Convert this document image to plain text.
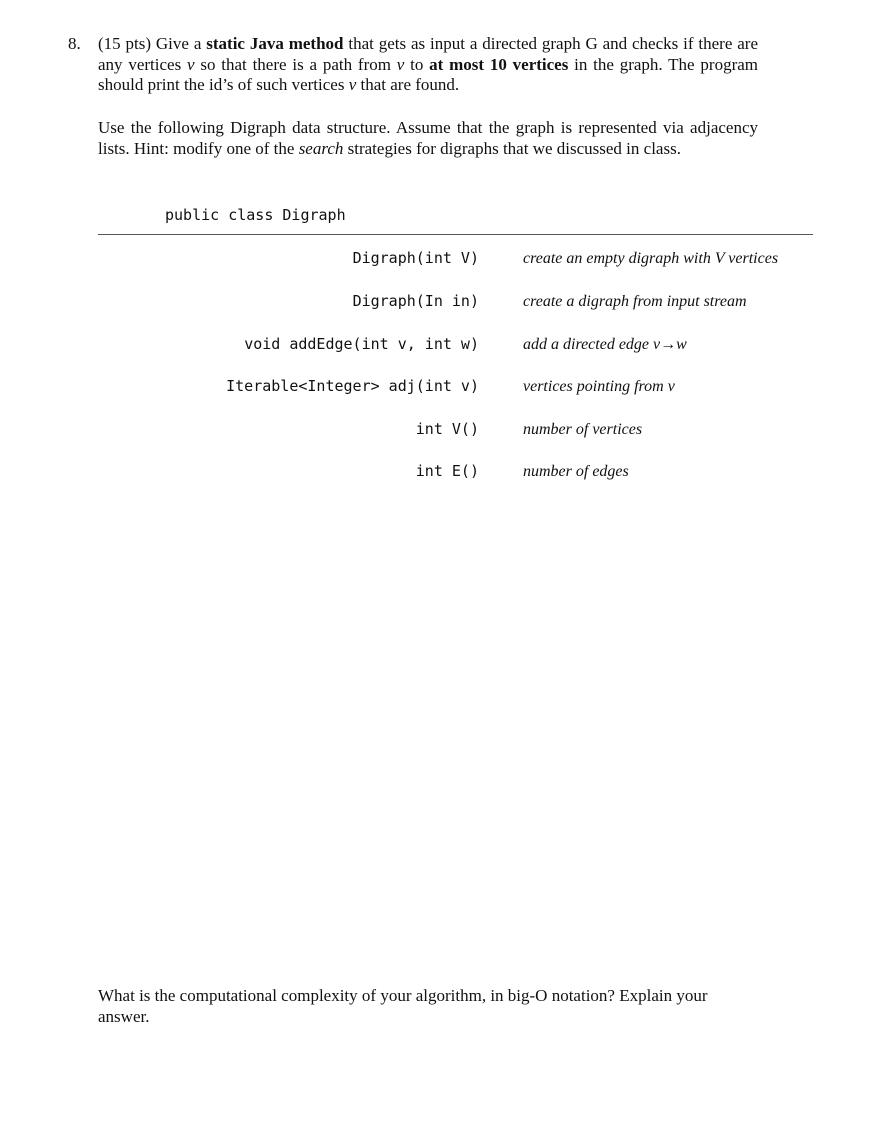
8. (15 pts) Give a static Java method that gets as input a directed graph G and checks if there are any vertices v so that there is a path from v to at most 10 vertices in the graph. The program should print the id’s of such vertices v that are found.
Use the following Digraph data structure. Assume that the graph is represented via adjacency lists. Hint: modify one of the search strategies for digraphs that we discussed in class.
public class Digraph
Digraph(int V)	create an empty digraph with V vertices
Digraph(In in)	create a digraph from input stream
void addEdge(int v, int w)	add a directed edge v→w
Iterable<Integer> adj(int v)	vertices pointing from v
int V()	number of vertices
int E()	number of edges
What is the computational complexity of your algorithm, in big-O notation? Explain your answer.
